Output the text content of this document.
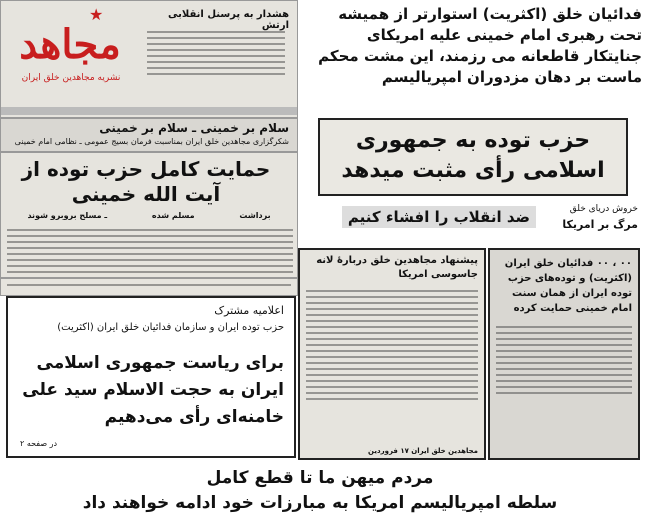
هشدار به پرسنل انقلابی ارتش
★
مجاهد
نشریه مجاهدین خلق ایران
سلام بر خمینی ـ سلام بر خمینی
شکرگزاری مجاهدین خلق ایران بمناسبت فرمان بسیج عمومی ـ نظامی امام خمینی
حمایت کامل حزب توده از آیت الله خمینی
برداشت
مسلم شده
ـ مسلح بروبرو شوند
فدائیان خلق (اکثریت) استوارتر از همیشه تحت رهبری امام خمینی علیه امریکای جنایتکار قاطعانه می رزمند، این مشت محکم ماست بر دهان مزدوران امپریالیسم
حزب توده به جمهوری اسلامی رأی مثبت میدهد
خروش دریای خلق
مرگ بر امریکا
ضد انقلاب را افشاء کنیم
پیشنهاد مجاهدین خلق دربارهٔ لانه جاسوسی امریکا
مجاهدین خلق ایران ۱۷ فروردین
۰۰ ، ۰۰ فدائیان خلق ایران (اکثریت) و توده‌های حزب توده ایران از همان سنت امام خمینی حمایت کرده
اعلامیه مشترک
حزب توده ایران و سازمان فدائیان خلق ایران (اکثریت)
برای ریاست جمهوری اسلامی ایران به حجت الاسلام سید علی خامنه‌ای رأی می‌دهیم
در صفحه ۲
مردم میهن ما تا قطع کامل
سلطه امپریالیسم امریکا به مبارزات خود ادامه خواهند داد
